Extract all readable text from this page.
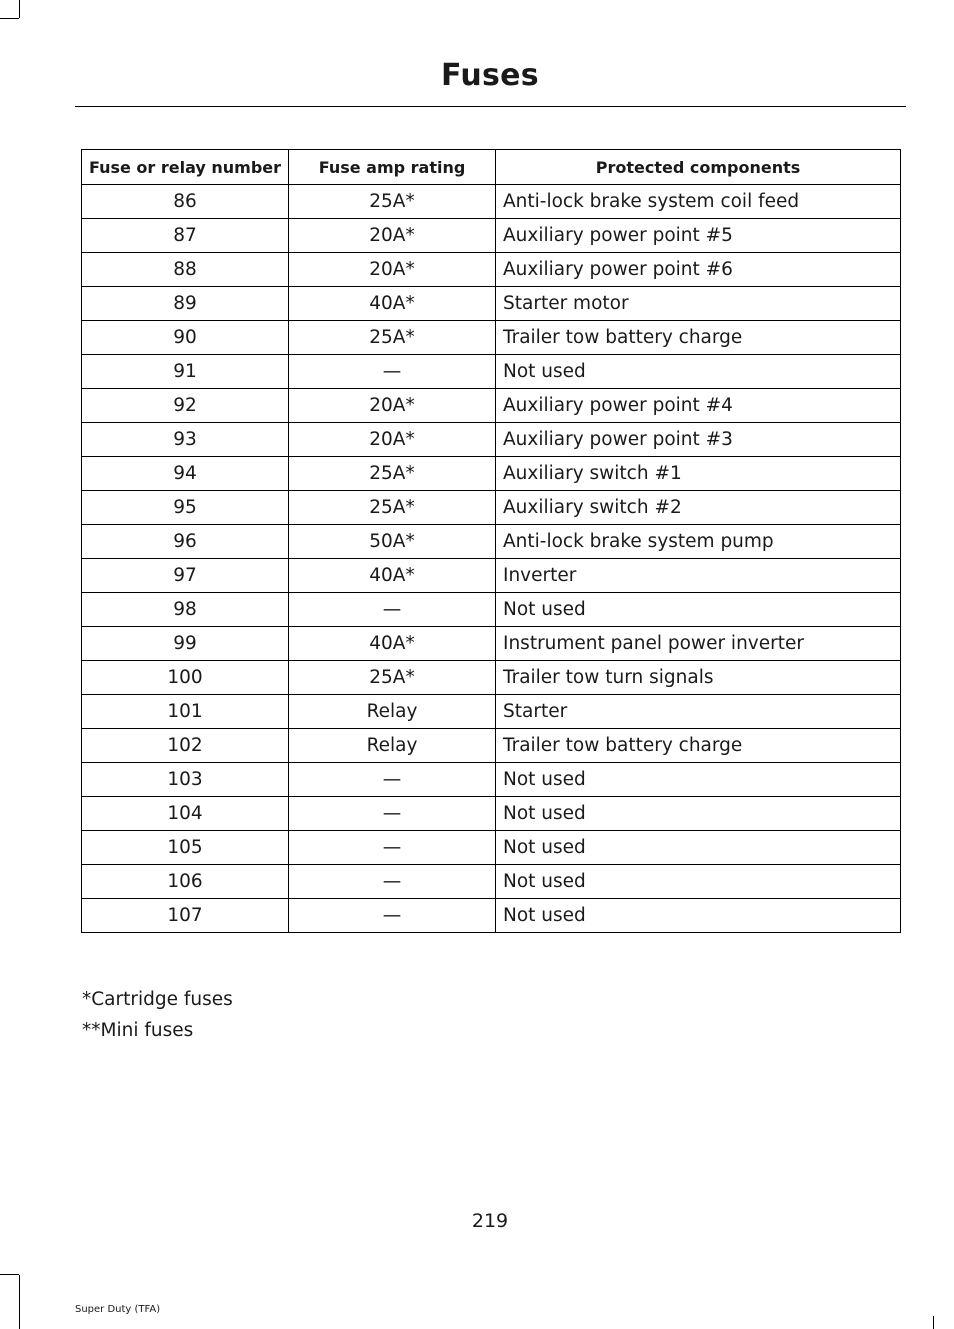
Fuses
Fuse or relay number	Fuse amp rating	Protected components
86	25A*	Anti-lock brake system coil feed
87	20A*	Auxiliary power point #5
88	20A*	Auxiliary power point #6
89	40A*	Starter motor
90	25A*	Trailer tow battery charge
91	—	Not used
92	20A*	Auxiliary power point #4
93	20A*	Auxiliary power point #3
94	25A*	Auxiliary switch #1
95	25A*	Auxiliary switch #2
96	50A*	Anti-lock brake system pump
97	40A*	Inverter
98	—	Not used
99	40A*	Instrument panel power inverter
100	25A*	Trailer tow turn signals
101	Relay	Starter
102	Relay	Trailer tow battery charge
103	—	Not used
104	—	Not used
105	—	Not used
106	—	Not used
107	—	Not used
*Cartridge fuses
**Mini fuses
219
Super Duty (TFA)
